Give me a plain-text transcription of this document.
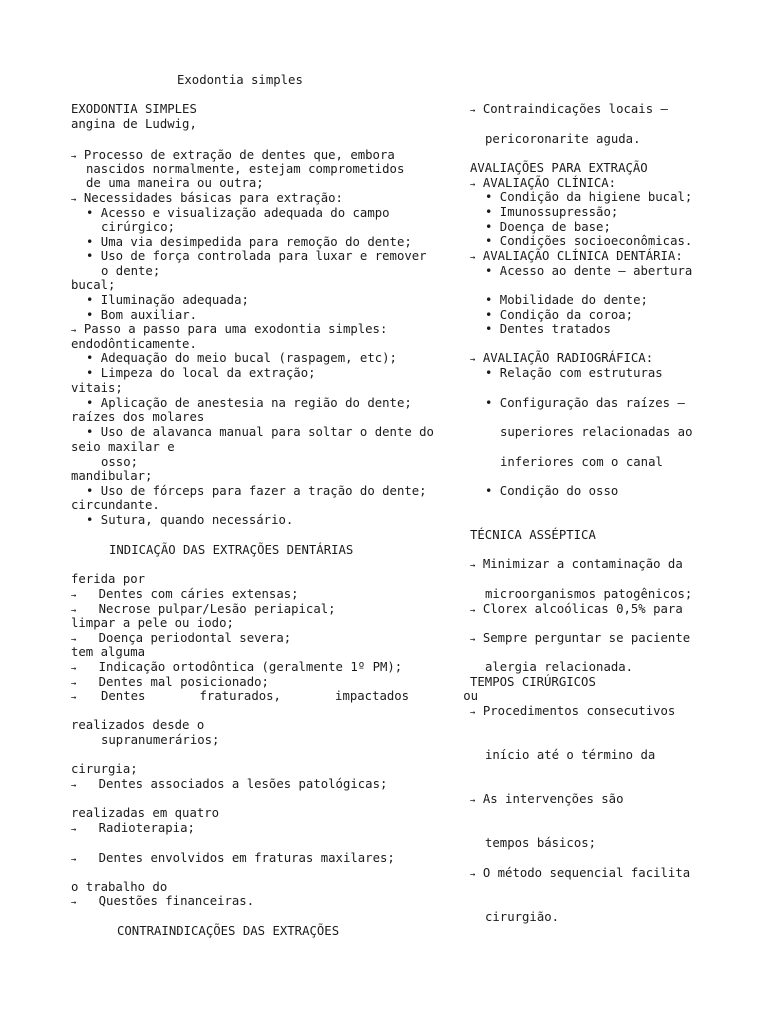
Exodontia simples
EXODONTIA SIMPLES
angina de Ludwig,
→ Processo de extração de dentes que, embora
nascidos normalmente, estejam comprometidos
de uma maneira ou outra;
→ Necessidades básicas para extração:
• Acesso e visualização adequada do campo
cirúrgico;
• Uma via desimpedida para remoção do dente;
• Uso de força controlada para luxar e remover
o dente;
bucal;
• Iluminação adequada;
• Bom auxiliar.
→ Passo a passo para uma exodontia simples:
endodônticamente.
• Adequação do meio bucal (raspagem, etc);
• Limpeza do local da extração;
vitais;
• Aplicação de anestesia na região do dente;
raízes dos molares
• Uso de alavanca manual para soltar o dente do
seio maxilar e
osso;
mandibular;
• Uso de fórceps para fazer a tração do dente;
circundante.
• Sutura, quando necessário.
INDICAÇÃO DAS EXTRAÇÕES DENTÁRIAS
ferida por
→ Dentes com cáries extensas;
→ Necrose pulpar/Lesão periapical;
limpar a pele ou iodo;
→ Doença periodontal severa;
tem alguma
→ Indicação ortodôntica (geralmente 1º PM);
→ Dentes mal posicionado;
→ Dentes	fraturados,	impactados	ou
realizados desde o
supranumerários;
cirurgia;
→ Dentes associados a lesões patológicas;
realizadas em quatro
→ Radioterapia;
→ Dentes envolvidos em fraturas maxilares;
o trabalho do
→ Questões financeiras.
CONTRAINDICAÇÕES DAS EXTRAÇÕES
→ Contraindicações locais –
pericoronarite aguda.
AVALIAÇÕES PARA EXTRAÇÃO
→ AVALIAÇÃO CLÍNICA:
• Condição da higiene bucal;
• Imunossupressão;
• Doença de base;
• Condições socioeconômicas.
→ AVALIAÇÃO CLÍNICA DENTÁRIA:
• Acesso ao dente – abertura
• Mobilidade do dente;
• Condição da coroa;
• Dentes tratados
→ AVALIAÇÃO RADIOGRÁFICA:
• Relação com estruturas
• Configuração das raízes –
superiores relacionadas ao
inferiores com o canal
• Condição do osso
TÉCNICA ASSÉPTICA
→ Minimizar a contaminação da
microorganismos patogênicos;
→ Clorex alcoólicas 0,5% para
→ Sempre perguntar se paciente
alergia relacionada.
TEMPOS CIRÚRGICOS
→ Procedimentos consecutivos
início até o término da
→ As intervenções são
tempos básicos;
→ O método sequencial facilita
cirurgião.
